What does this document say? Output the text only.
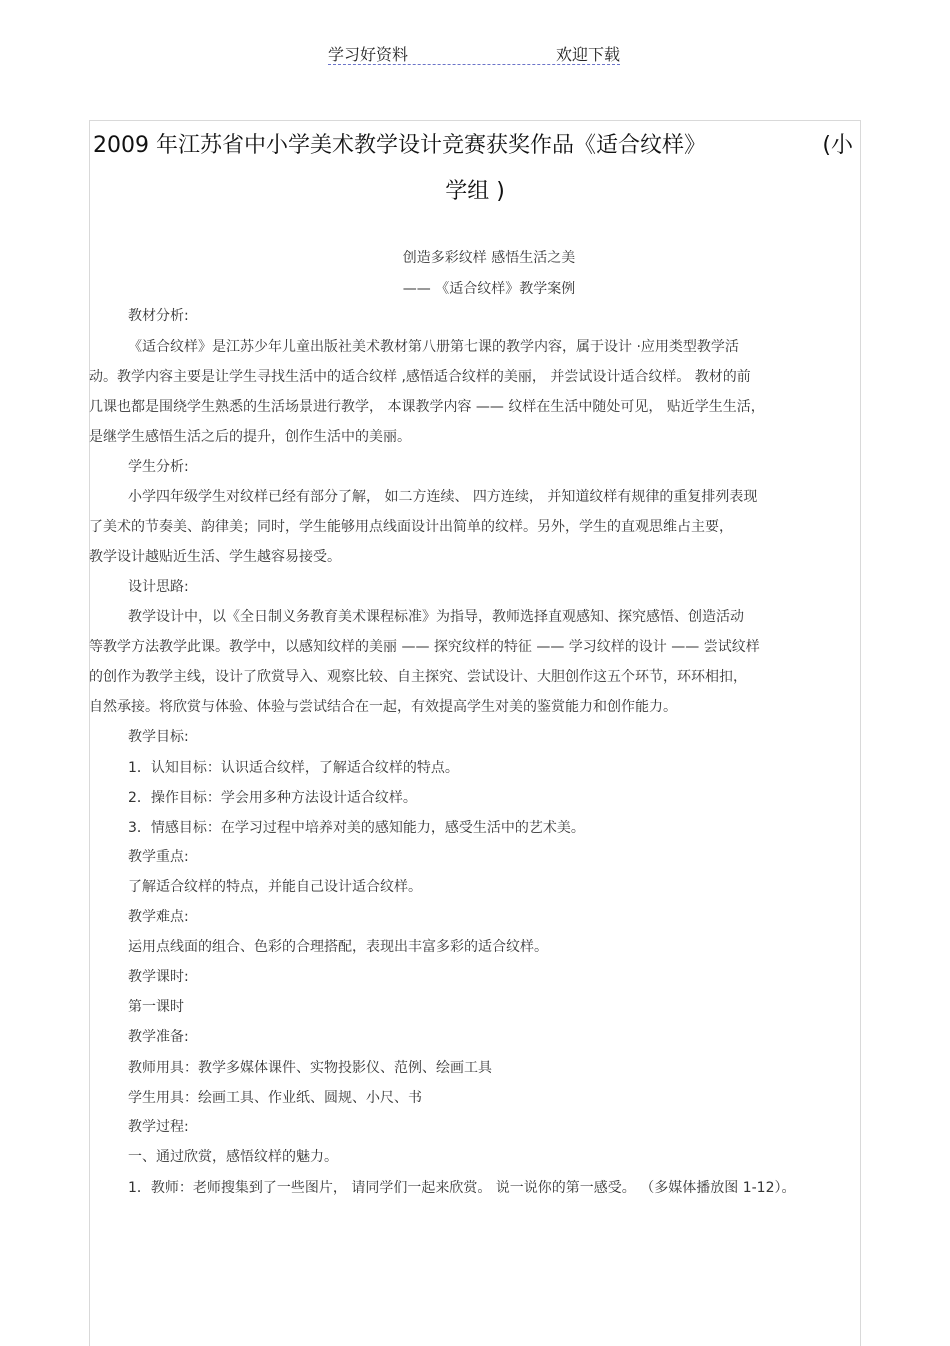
学习好资料	欢迎下载
2009 年江苏省中小学美术教学设计竞赛获奖作品《适合纹样》	(小
学组 )
创造多彩纹样 感悟生活之美
—— 《适合纹样》教学案例
教材分析:
《适合纹样》是江苏少年儿童出版社美术教材第八册第七课的教学内容，属于设计 ·应用类型教学活
动。教学内容主要是让学生寻找生活中的适合纹样 ,感悟适合纹样的美丽， 并尝试设计适合纹样。 教材的前
几课也都是围绕学生熟悉的生活场景进行教学， 本课教学内容 —— 纹样在生活中随处可见， 贴近学生生活，
是继学生感悟生活之后的提升，创作生活中的美丽。
学生分析:
小学四年级学生对纹样已经有部分了解， 如二方连续、 四方连续， 并知道纹样有规律的重复排列表现
了美术的节奏美、韵律美；同时，学生能够用点线面设计出简单的纹样。另外，学生的直观思维占主要，
教学设计越贴近生活、学生越容易接受。
设计思路:
教学设计中，以《全日制义务教育美术课程标准》为指导，教师选择直观感知、探究感悟、创造活动
等教学方法教学此课。教学中，以感知纹样的美丽 —— 探究纹样的特征 —— 学习纹样的设计 —— 尝试纹样
的创作为教学主线，设计了欣赏导入、观察比较、自主探究、尝试设计、大胆创作这五个环节，环环相扣，
自然承接。将欣赏与体验、体验与尝试结合在一起，有效提高学生对美的鉴赏能力和创作能力。
教学目标:
1．认知目标：认识适合纹样，了解适合纹样的特点。
2．操作目标：学会用多种方法设计适合纹样。
3．情感目标：在学习过程中培养对美的感知能力，感受生活中的艺术美。
教学重点:
了解适合纹样的特点，并能自己设计适合纹样。
教学难点:
运用点线面的组合、色彩的合理搭配，表现出丰富多彩的适合纹样。
教学课时:
第一课时
教学准备:
教师用具：教学多媒体课件、实物投影仪、范例、绘画工具
学生用具：绘画工具、作业纸、圆规、小尺、书
教学过程:
一、通过欣赏，感悟纹样的魅力。
1．教师：老师搜集到了一些图片， 请同学们一起来欣赏。 说一说你的第一感受。 （多媒体播放图 1-12）。
